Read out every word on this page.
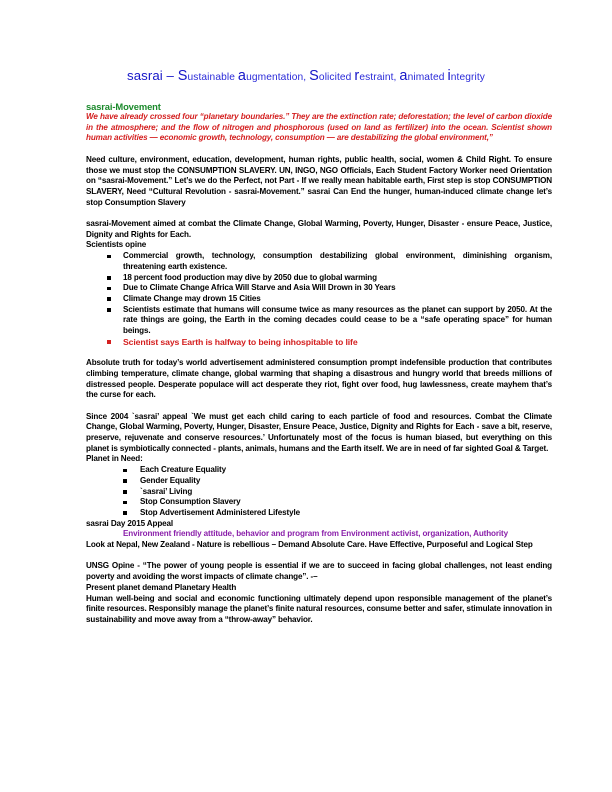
sasrai – Sustainable augmentation, Solicited restraint, animated integrity

sasrai-Movement

We have already crossed four “planetary boundaries.” They are the extinction rate; deforestation; the level of carbon dioxide in the atmosphere; and the flow of nitrogen and phosphorous (used on land as fertilizer) into the ocean. Scientist shown human activities — economic growth, technology, consumption — are destabilizing the global environment,”

Need culture, environment, education, development, human rights, public health, social, women & Child Right. To ensure those we must stop the CONSUMPTION SLAVERY. UN, INGO, NGO Officials, Each Student Factory Worker need Orientation on “sasrai-Movement.” Let’s we do the Perfect, not Part - If we really mean habitable earth, First step is stop CONSUMPTION SLAVERY, Need “Cultural Revolution - sasrai-Movement.” sasrai Can End the hunger, human-induced climate change let’s stop Consumption Slavery

sasrai-Movement aimed at combat the Climate Change, Global Warming, Poverty, Hunger, Disaster - ensure Peace, Justice, Dignity and Rights for Each.

Scientists opine

Commercial growth, technology, consumption destabilizing global environment, diminishing organism, threatening earth existence.
18 percent food production may dive by 2050 due to global warming
Due to Climate Change Africa Will Starve and Asia Will Drown in 30 Years
Climate Change may drown 15 Cities
Scientists estimate that humans will consume twice as many resources as the planet can support by 2050. At the rate things are going, the Earth in the coming decades could cease to be a “safe operating space” for human beings.
Scientist says Earth is halfway to being inhospitable to life

Absolute truth for today’s world advertisement administered consumption prompt indefensible production that contributes climbing temperature, climate change, global warming that shaping a disastrous and hungry world that breeds millions of distressed people. Desperate populace will act desperate they riot, fight over food, hug lawlessness, create mayhem that’s the curse for each.

Since 2004 `sasrai’ appeal `We must get each child caring to each particle of food and resources. Combat the Climate Change, Global Warming, Poverty, Hunger, Disaster, Ensure Peace, Justice, Dignity and Rights for Each - save a bit, reserve, preserve, rejuvenate and conserve resources.’ Unfortunately most of the focus is human biased, but everything on this planet is symbiotically connected - plants, animals, humans and the Earth itself. We are in need of far sighted Goal & Target.

Planet in Need:

Each Creature Equality
Gender Equality
`sasrai’ Living
Stop Consumption Slavery
Stop Advertisement Administered Lifestyle

sasrai Day 2015 Appeal

Environment friendly attitude, behavior and program from Environment activist, organization, Authority

Look at Nepal, New Zealand - Nature is rebellious – Demand Absolute Care. Have Effective, Purposeful and Logical Step

UNSG Opine - “The power of young people is essential if we are to succeed in facing global challenges, not least ending poverty and avoiding the worst impacts of climate change”. -–

Present planet demand Planetary Health

Human well-being and social and economic functioning ultimately depend upon responsible management of the planet’s finite resources. Responsibly manage the planet’s finite natural resources, consume better and safer, stimulate innovation in sustainability and move away from a “throw-away” behavior.
